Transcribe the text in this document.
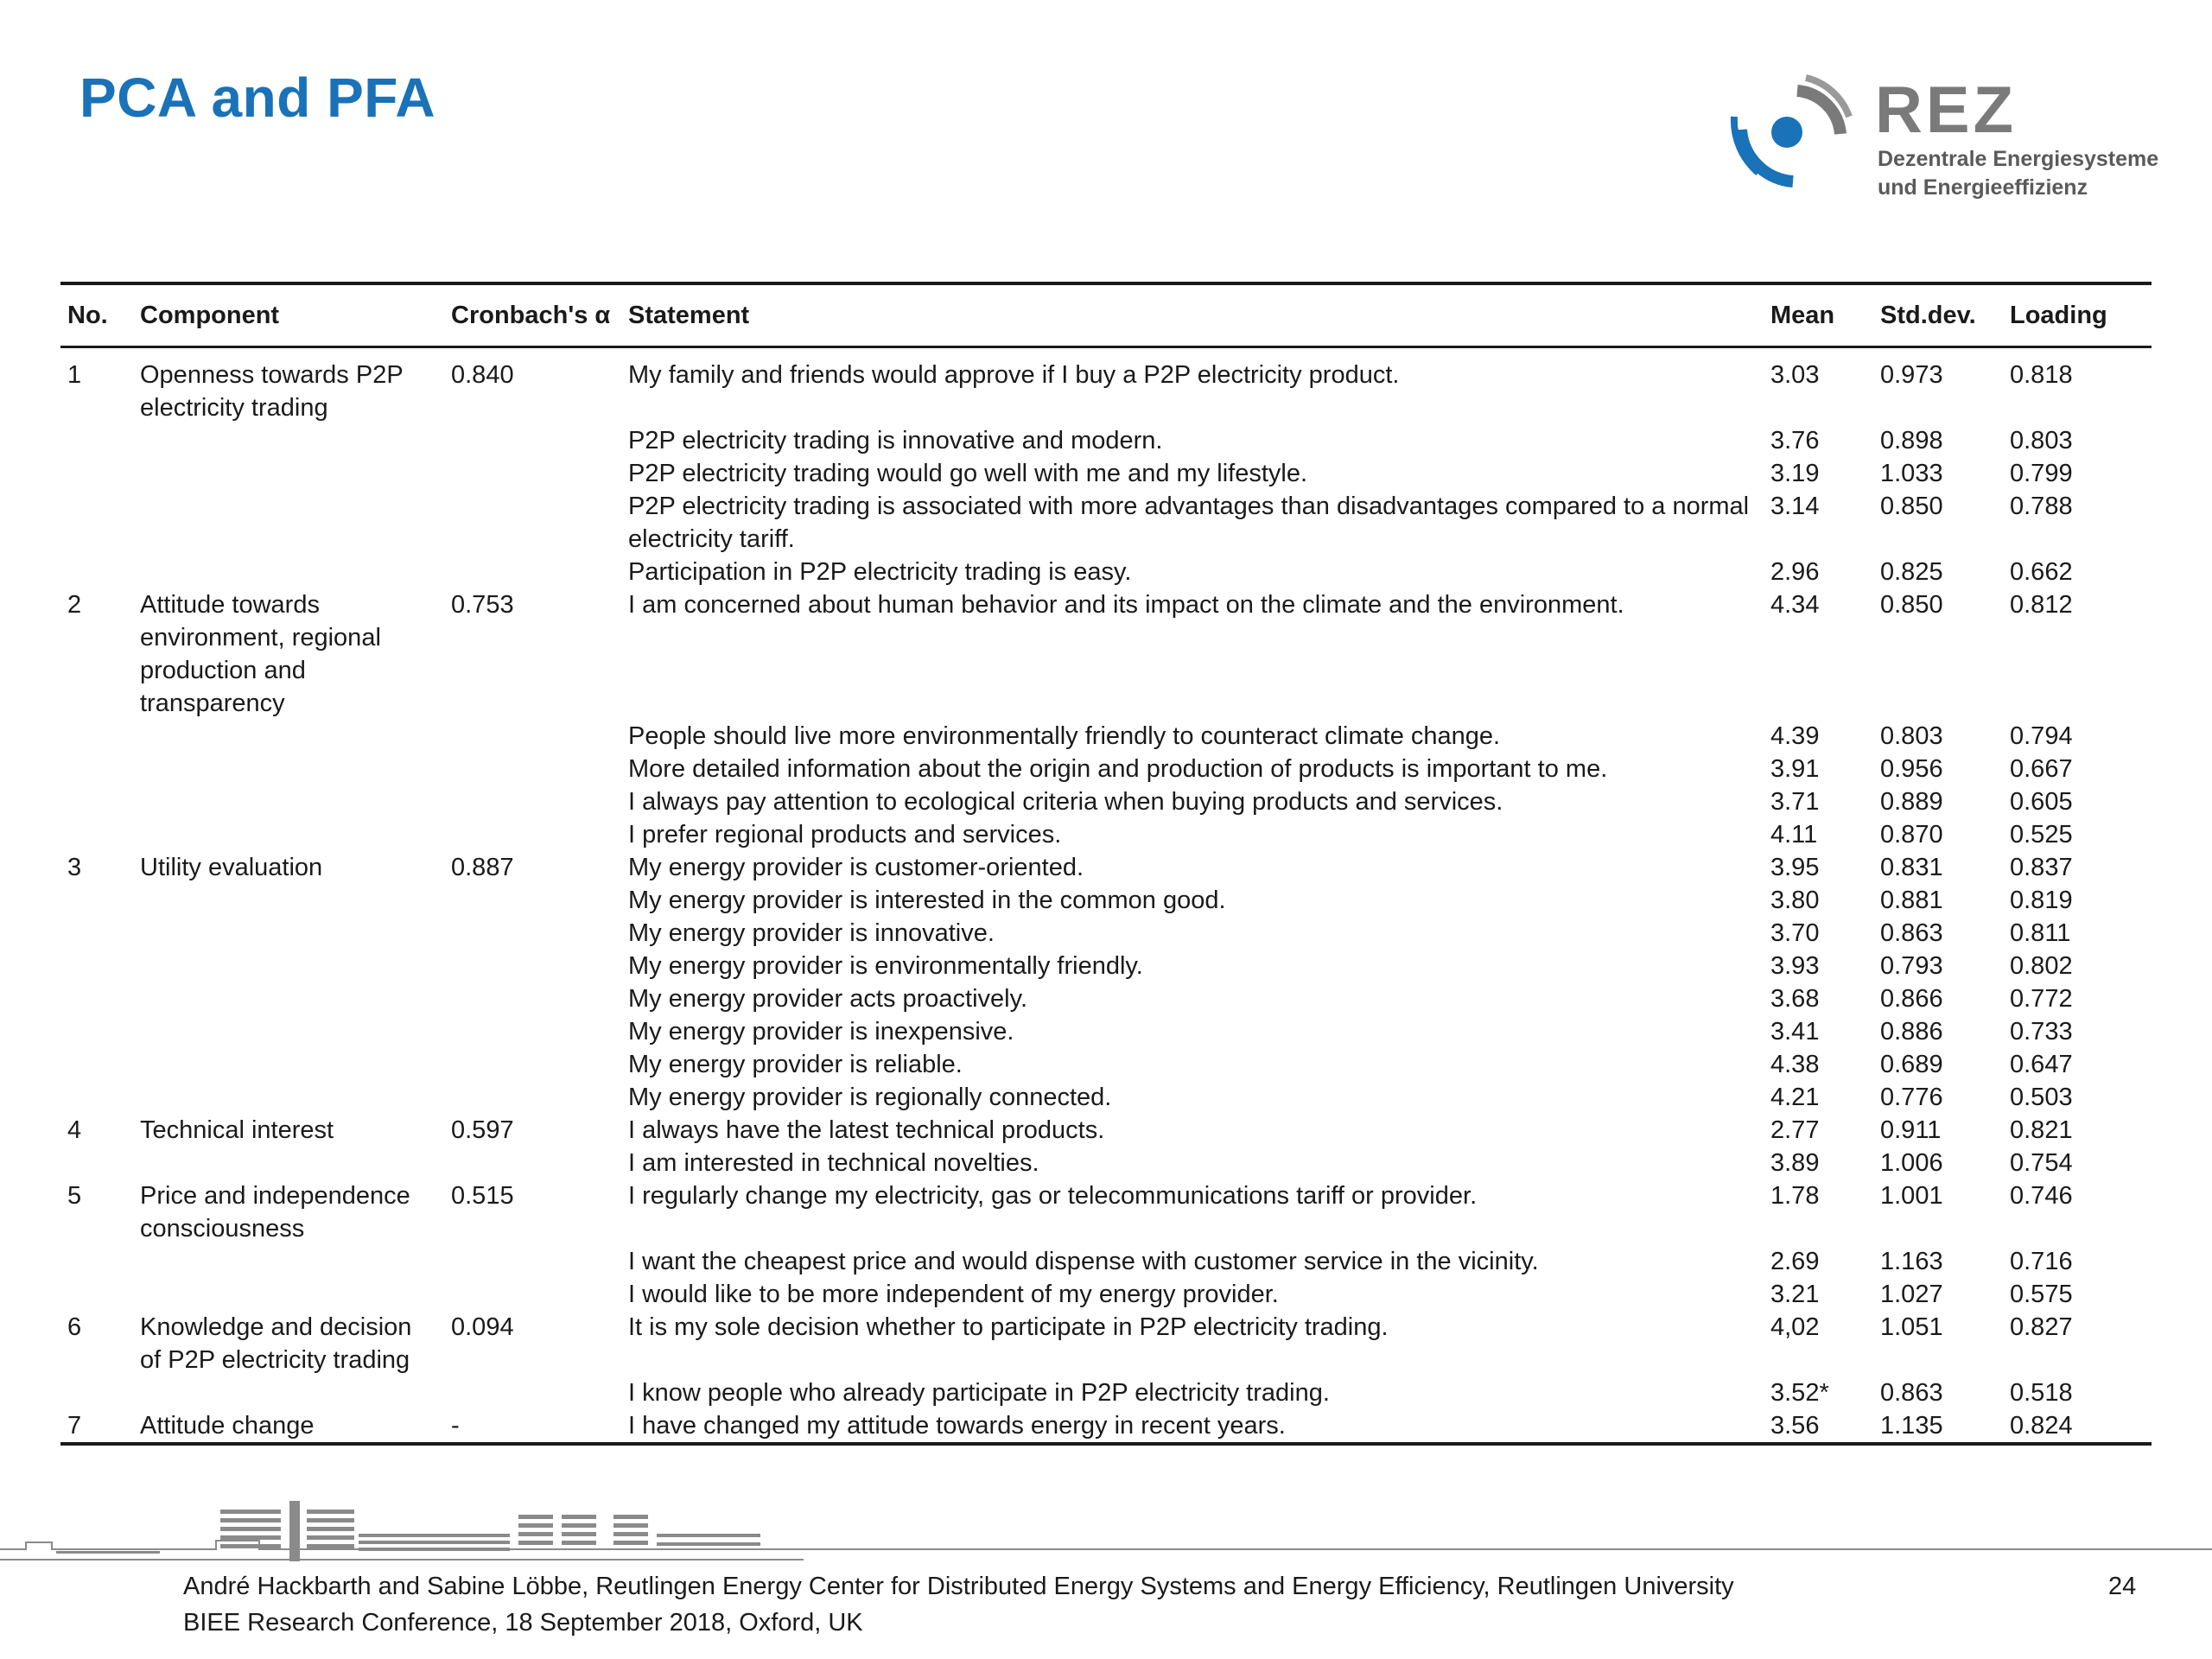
PCA and PFA	REZ
Dezentrale Energiesysteme
und Energieeffizienz
No.	Component	Cronbach's α	Statement	Mean	Std.dev.	Loading
1	Openness towards P2P electricity trading	0.840	My family and friends would approve if I buy a P2P electricity product.	3.03	0.973	0.818
			P2P electricity trading is innovative and modern.	3.76	0.898	0.803
			P2P electricity trading would go well with me and my lifestyle.	3.19	1.033	0.799
			P2P electricity trading is associated with more advantages than disadvantages compared to a normal electricity tariff.	3.14	0.850	0.788
			Participation in P2P electricity trading is easy.	2.96	0.825	0.662
2	Attitude towards environment, regional production and transparency	0.753	I am concerned about human behavior and its impact on the climate and the environment.	4.34	0.850	0.812
			People should live more environmentally friendly to counteract climate change.	4.39	0.803	0.794
			More detailed information about the origin and production of products is important to me.	3.91	0.956	0.667
			I always pay attention to ecological criteria when buying products and services.	3.71	0.889	0.605
			I prefer regional products and services.	4.11	0.870	0.525
3	Utility evaluation	0.887	My energy provider is customer-oriented.	3.95	0.831	0.837
			My energy provider is interested in the common good.	3.80	0.881	0.819
			My energy provider is innovative.	3.70	0.863	0.811
			My energy provider is environmentally friendly.	3.93	0.793	0.802
			My energy provider acts proactively.	3.68	0.866	0.772
			My energy provider is inexpensive.	3.41	0.886	0.733
			My energy provider is reliable.	4.38	0.689	0.647
			My energy provider is regionally connected.	4.21	0.776	0.503
4	Technical interest	0.597	I always have the latest technical products.	2.77	0.911	0.821
			I am interested in technical novelties.	3.89	1.006	0.754
5	Price and independence consciousness	0.515	I regularly change my electricity, gas or telecommunications tariff or provider.	1.78	1.001	0.746
			I want the cheapest price and would dispense with customer service in the vicinity.	2.69	1.163	0.716
			I would like to be more independent of my energy provider.	3.21	1.027	0.575
6	Knowledge and decision of P2P electricity trading	0.094	It is my sole decision whether to participate in P2P electricity trading.	4,02	1.051	0.827
			I know people who already participate in P2P electricity trading.	3.52*	0.863	0.518
7	Attitude change	-	I have changed my attitude towards energy in recent years.	3.56	1.135	0.824
André Hackbarth and Sabine Löbbe, Reutlingen Energy Center for Distributed Energy Systems and Energy Efficiency, Reutlingen University
BIEE Research Conference, 18 September 2018, Oxford, UK
24
